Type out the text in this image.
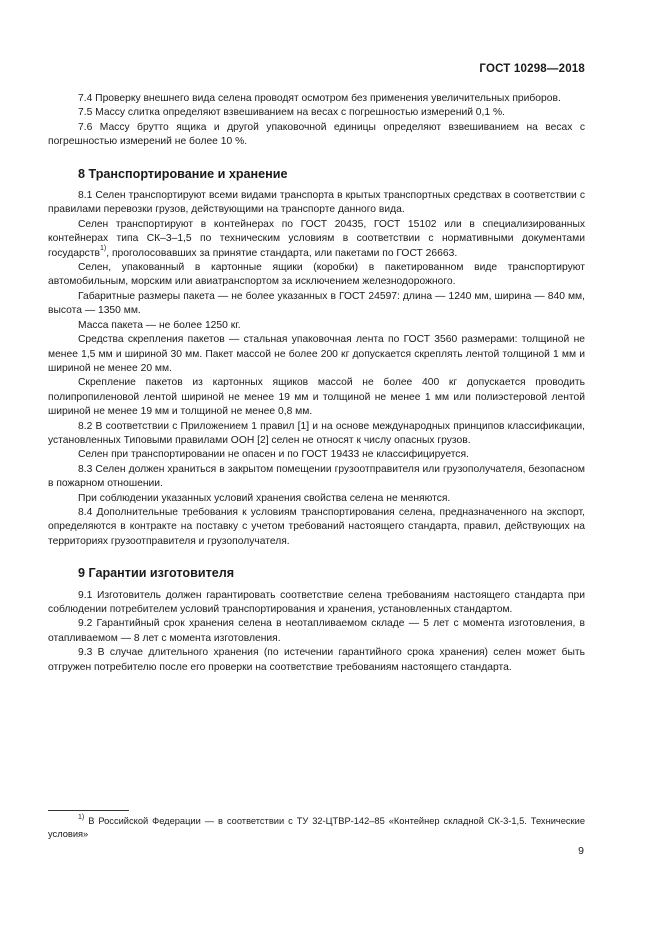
ГОСТ 10298—2018

7.4 Проверку внешнего вида селена проводят осмотром без применения увеличительных приборов.

7.5 Массу слитка определяют взвешиванием на весах с погрешностью измерений 0,1 %.

7.6 Массу брутто ящика и другой упаковочной единицы определяют взвешиванием на весах с погрешностью измерений не более 10 %.

8 Транспортирование и хранение

8.1 Селен транспортируют всеми видами транспорта в крытых транспортных средствах в соответствии с правилами перевозки грузов, действующими на транспорте данного вида.

Селен транспортируют в контейнерах по ГОСТ 20435, ГОСТ 15102 или в специализированных контейнерах типа СК–3–1,5 по техническим условиям в соответствии с нормативными документами государств$^{1)}$, проголосовавших за принятие стандарта, или пакетами по ГОСТ 26663.

Селен, упакованный в картонные ящики (коробки) в пакетированном виде транспортируют автомобильным, морским или авиатранспортом за исключением железнодорожного.

Габаритные размеры пакета — не более указанных в ГОСТ 24597: длина — 1240 мм, ширина — 840 мм, высота — 1350 мм.

Масса пакета — не более 1250 кг.

Средства скрепления пакетов — стальная упаковочная лента по ГОСТ 3560 размерами: толщиной не менее 1,5 мм и шириной 30 мм. Пакет массой не более 200 кг допускается скреплять лентой толщиной 1 мм и шириной не менее 20 мм.

Скрепление пакетов из картонных ящиков массой не более 400 кг допускается проводить полипропиленовой лентой шириной не менее 19 мм и толщиной не менее 1 мм или полиэстеровой лентой шириной не менее 19 мм и толщиной не менее 0,8 мм.

8.2 В соответствии с Приложением 1 правил [1] и на основе международных принципов классификации, установленных Типовыми правилами ООН [2] селен не относят к числу опасных грузов.

Селен при транспортировании не опасен и по ГОСТ 19433 не классифицируется.

8.3 Селен должен храниться в закрытом помещении грузоотправителя или грузополучателя, безопасном в пожарном отношении.

При соблюдении указанных условий хранения свойства селена не меняются.

8.4 Дополнительные требования к условиям транспортирования селена, предназначенного на экспорт, определяются в контракте на поставку с учетом требований настоящего стандарта, правил, действующих на территориях грузоотправителя и грузополучателя.

9 Гарантии изготовителя

9.1 Изготовитель должен гарантировать соответствие селена требованиям настоящего стандарта при соблюдении потребителем условий транспортирования и хранения, установленных стандартом.

9.2 Гарантийный срок хранения селена в неотапливаемом складе — 5 лет с момента изготовления, в отапливаемом — 8 лет с момента изготовления.

9.3 В случае длительного хранения (по истечении гарантийного срока хранения) селен может быть отгружен потребителю после его проверки на соответствие требованиям настоящего стандарта.

$^{1)}$ В Российской Федерации — в соответствии с ТУ 32-ЦТВР-142–85 «Контейнер складной СК-3-1,5. Технические условия»
9
